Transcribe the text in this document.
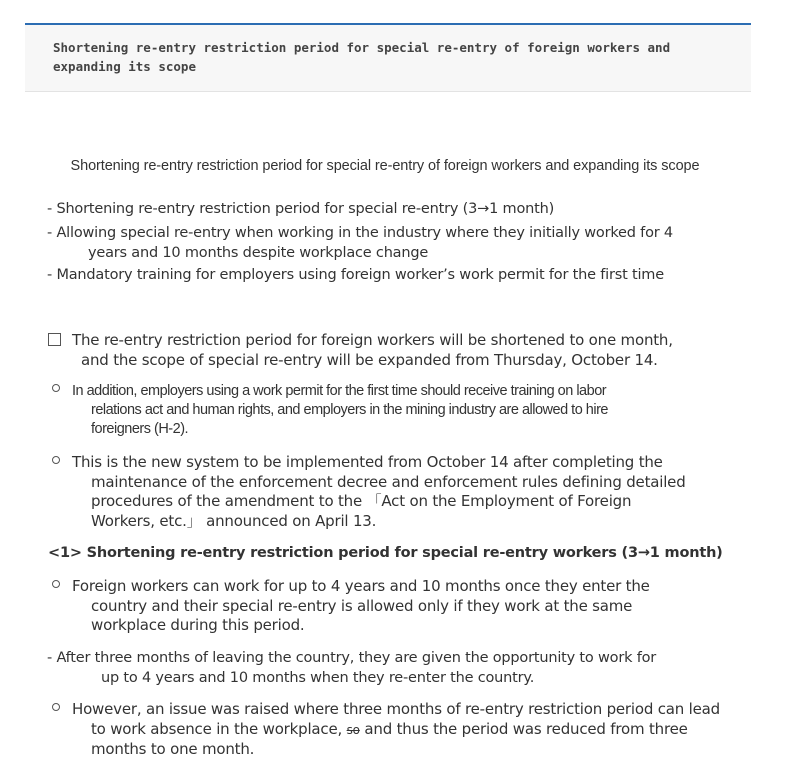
Shortening re-entry restriction period for special re-entry of foreign workers and expanding its scope
Shortening re-entry restriction period for special re-entry of foreign workers and expanding its scope
- Shortening re-entry restriction period for special re-entry (3→1 month)
- Allowing special re-entry when working in the industry where they initially worked for 4
years and 10 months despite workplace change
- Mandatory training for employers using foreign worker’s work permit for the first time
The re-entry restriction period for foreign workers will be shortened to one month,
and the scope of special re-entry will be expanded from Thursday, October 14.
In addition, employers using a work permit for the first time should receive training on labor
relations act and human rights, and employers in the mining industry are allowed to hire
foreigners (H-2).
This is the new system to be implemented from October 14 after completing the
maintenance of the enforcement decree and enforcement rules defining detailed
procedures of the amendment to the 「Act on the Employment of Foreign
Workers, etc.」 announced on April 13.
<1> Shortening re-entry restriction period for special re-entry workers (3→1 month)
Foreign workers can work for up to 4 years and 10 months once they enter the
country and their special re-entry is allowed only if they work at the same
workplace during this period.
- After three months of leaving the country, they are given the opportunity to work for
up to 4 years and 10 months when they re-enter the country.
However, an issue was raised where three months of re-entry restriction period can lead
to work absence in the workplace, so and thus the period was reduced from three
months to one month.
